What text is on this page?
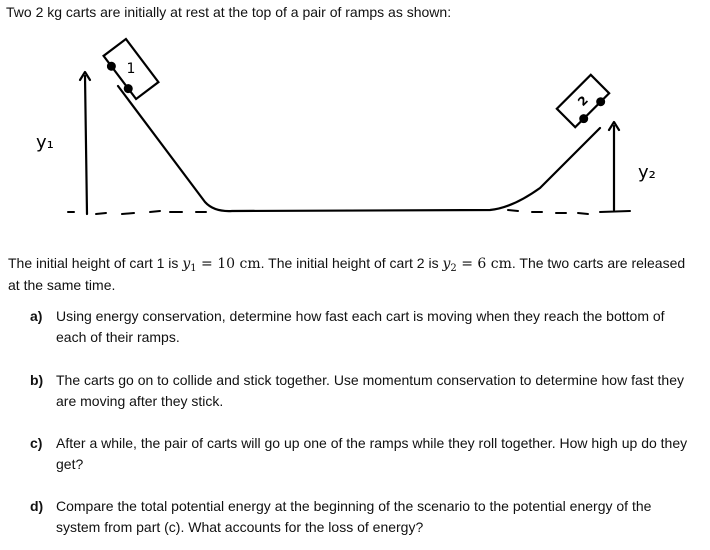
Two 2 kg carts are initially at rest at the top of a pair of ramps as shown:
1
2
y₁
y₂
The initial height of cart 1 is $y_1 = 10$ cm. The initial height of cart 2 is $y_2 = 6$ cm. The two carts are released at the same time.
a) Using energy conservation, determine how fast each cart is moving when they reach the bottom of each of their ramps.
b) The carts go on to collide and stick together. Use momentum conservation to determine how fast they are moving after they stick.
c) After a while, the pair of carts will go up one of the ramps while they roll together. How high up do they get?
d) Compare the total potential energy at the beginning of the scenario to the potential energy of the system from part (c). What accounts for the loss of energy?
